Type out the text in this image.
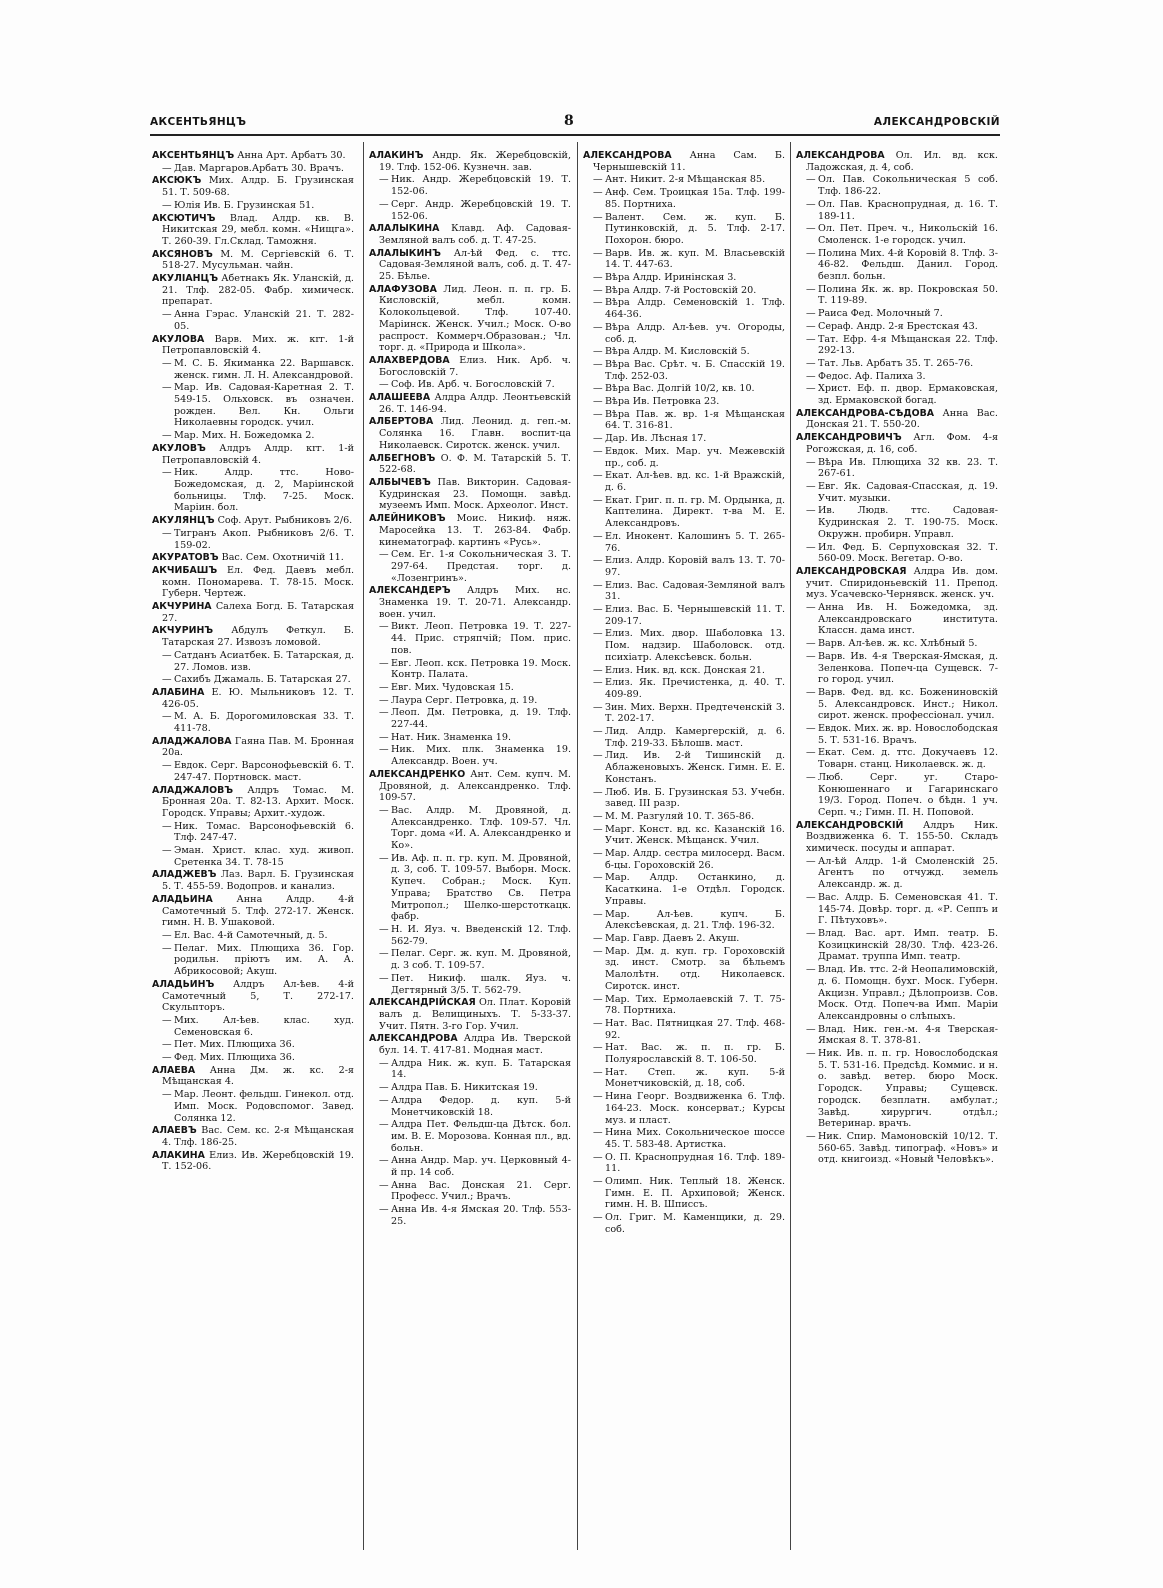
АКСЕНТЬЯНЦЪ	8	АЛЕКСАНДРОВСКІЙ
АКСЕНТЬЯНЦЪ Анна Арт. Арбатъ 30.
— Дав. Маргаров.Арбатъ 30. Врачъ.
АКСЮКЪ Мих. Алдр. Б. Грузинская 51. Т. 509-68.
— Юлія Ив. Б. Грузинская 51.
АКСЮТИЧЪ Влад. Алдр. кв. В. Никитская 29, мебл. комн. «Нищга». Т. 260-39. Гл.Склад. Таможня.
АКСЯНОВЪ М. М. Сергіевскій 6. Т. 518-27. Мусульман. чайн.
АКУЛІАНЦЪ Абетнакъ Як. Уланскій, д. 21. Тлф. 282-05. Фабр. химическ. препарат.
— Анна Гэрас. Уланскій 21. Т. 282-05.
АКУЛОВА Варв. Мих. ж. кrг. 1-й Петропавловскій 4.
— М. С. Б. Якиманка 22. Варшавск. женск. гимн. Л. Н. Александровой.
— Мар. Ив. Садовая-Каретная 2. Т. 549-15. Ольховск. въ означен. рожден. Вел. Кн. Ольги Николаевны городск. учил.
— Мар. Мих. Н. Божедомка 2.
АКУЛОВЪ Алдръ Алдр. кrг. 1-й Петропавловскій 4.
— Ник. Алдр. ттс. Ново-Божедомская, д. 2, Маріинской больницы. Тлф. 7-25. Моск. Маріин. бол.
АКУЛЯНЦЪ Соф. Арут. Рыбниковъ 2/6.
— Тигранъ Акоп. Рыбниковъ 2/6. Т. 159-02.
АКУРАТОВЪ Вас. Сем. Охотничій 11.
АКЧИБАШЪ Ел. Фед. Даевъ мебл. комн. Пономарева. Т. 78-15. Моск. Губерн. Чертеж.
АКЧУРИНА Салеха Богд. Б. Татарская 27.
АКЧУРИНЪ Абдулъ Феткул. Б. Татарская 27. Извозъ ломовой.
— Сатданъ Асиатбек. Б. Татарская, д. 27. Ломов. изв.
— Сахибъ Джамаль. Б. Татарская 27.
АЛАБИНА Е. Ю. Мыльниковъ 12. Т. 426-05.
— М. А. Б. Дорогомиловская 33. Т. 411-78.
АЛАДЖАЛОВА Гаяна Пав. М. Бронная 20а.
— Евдок. Серг. Варсонофьевскій 6. Т. 247-47. Портновск. маст.
АЛАДЖАЛОВЪ Алдръ Томас. М. Бронная 20а. Т. 82-13. Архит. Моск. Городск. Управы; Архит.-худож.
— Ник. Томас. Варсонофьевскій 6. Тлф. 247-47.
— Эман. Христ. клас. худ. живоп. Сретенка 34. Т. 78-15
АЛАДЖЕВЪ Лаз. Варл. Б. Грузинская 5. Т. 455-59. Водопров. и канализ.
АЛАДЬИНА Анна Алдр. 4-й Самотечный 5. Тлф. 272-17. Женск. гимн. Н. В. Ушаковой.
— Ел. Вас. 4-й Самотечный, д. 5.
— Пелаг. Мих. Плющиха 36. Гор. родильн. пріютъ им. А. А. Абрикосовой; Акуш.
АЛАДЬИНЪ Алдръ Ал-ѣев. 4-й Самотечный 5, Т. 272-17. Скульпторъ.
— Мих. Ал-ѣев. клас. худ. Семеновская 6.
— Пет. Мих. Плющиха 36.
— Фед. Мих. Плющиха 36.
АЛАЕВА Анна Дм. ж. кс. 2-я Мѣщанская 4.
— Мар. Леонт. фельдш. Гинекол. отд. Имп. Моск. Родовспомог. Завед. Солянка 12.
АЛАЕВЪ Вас. Сем. кс. 2-я Мѣщанская 4. Тлф. 186-25.
АЛАКИНА Елиз. Ив. Жеребцовскій 19. Т. 152-06.
АЛАКИНЪ Андр. Як. Жеребцовскій, 19. Тлф. 152-06. Кузнечн. зав.
— Ник. Андр. Жеребцовскій 19. Т. 152-06.
— Серг. Андр. Жеребцовскій 19. Т. 152-06.
АЛАЛЫКИНА Клавд. Аф. Садовая-Земляной валъ соб. д. Т. 47-25.
АЛАЛЫКИНЪ Ал-ѣй Фед. с. ттс. Садовая-Земляной валъ, соб. д. Т. 47-25. Бѣлье.
АЛАФУЗОВА Лид. Леон. п. п. гр. Б. Кисловскій, мебл. комн. Колокольцевой. Тлф. 107-40. Маріинск. Женск. Учил.; Моск. О-во распрост. Коммерч.Образован.; Чл. торг. д. «Природа и Школа».
АЛАХВЕРДОВА Елиз. Ник. Арб. ч. Богословскій 7.
— Соф. Ив. Арб. ч. Богословскій 7.
АЛАШЕЕВА Алдра Алдр. Леонтьевскій 26. Т. 146-94.
АЛБЕРТОВА Лид. Леонид. д. геп.-м. Солянка 16. Главн. воспит-ца Николаевск. Сиротск. женск. учил.
АЛБЕГНОВЪ О. Ф. М. Татарскій 5. Т. 522-68.
АЛБЫЧЕВЪ Пав. Викторин. Садовая-Кудринская 23. Помощн. завѣд. музеемъ Имп. Моск. Археолог. Инст.
АЛЕЙНИКОВЪ Моис. Никиф. няж. Маросейка 13. Т. 263-84. Фабр. кинематограф. картинъ «Русь».
— Сем. Ег. 1-я Сокольническая 3. Т. 297-64. Предстая. торг. д. «Лозенгринъ».
АЛЕКСАНДЕРЪ Алдръ Мих. нс. Знаменка 19. Т. 20-71. Александр. воен. учил.
— Викт. Леоп. Петровка 19. Т. 227-44. Прис. стряпчій; Пом. прис. пов.
— Евг. Леоп. кск. Петровка 19. Моск. Контр. Палата.
— Евг. Мих. Чудовская 15.
— Лаура Серг. Петровка, д. 19.
— Леоп. Дм. Петровка, д. 19. Тлф. 227-44.
— Нат. Ник. Знаменка 19.
— Ник. Мих. плк. Знаменка 19. Александр. Воен. уч.
АЛЕКСАНДРЕНКО Ант. Сем. купч. М. Дровяной, д. Александренко. Тлф. 109-57.
— Вас. Алдр. М. Дровяной, д. Александренко. Тлф. 109-57. Чл. Торг. дома «И. А. Александренко и Ко».
— Ив. Аф. п. п. гр. куп. М. Дровяной, д. 3, соб. Т. 109-57. Выборн. Моск. Купеч. Собран.; Моск. Куп. Управа; Братство Св. Петра Митропол.; Шелко-шерстоткацк. фабр.
— Н. И. Яуз. ч. Введенскій 12. Тлф. 562-79.
— Пелаг. Серг. ж. куп. М. Дровяной, д. 3 соб. Т. 109-57.
— Пет. Никиф. шалк. Яуз. ч. Дегтярный 3/5. Т. 562-79.
АЛЕКСАНДРІЙСКАЯ Ол. Плат. Коровій валъ д. Велищиныхъ. Т. 5-33-37. Учит. Пятн. 3-го Гор. Учил.
АЛЕКСАНДРОВА Алдра Ив. Тверской бул. 14. Т. 417-81. Модная маст.
— Алдра Ник. ж. куп. Б. Татарская 14.
— Алдра Пав. Б. Никитская 19.
— Алдра Федор. д. куп. 5-й Монетчиковскій 18.
— Алдра Пет. Фельдш-ца Дѣтск. бол. им. В. Е. Морозова. Конная пл., вд. больн.
— Анна Андр. Мар. уч. Церковный 4-й пр. 14 соб.
— Анна Вас. Донская 21. Серг. Професс. Учил.; Врачъ.
— Анна Ив. 4-я Ямская 20. Тлф. 553-25.
АЛЕКСАНДРОВА Анна Сам. Б. Чернышевскій 11.
— Ант. Никит. 2-я Мѣщанская 85.
— Анф. Сем. Троицкая 15а. Тлф. 199-85. Портниха.
— Валент. Сем. ж. куп. Б. Путинковскій, д. 5. Тлф. 2-17. Похорон. бюро.
— Варв. Ив. ж. куп. М. Власьевскій 14. Т. 447-63.
— Вѣра Алдр. Иринінская 3.
— Вѣра Алдр. 7-й Ростовскій 20.
— Вѣра Алдр. Семеновскій 1. Тлф. 464-36.
— Вѣра Алдр. Ал-ѣев. уч. Огороды, соб. д.
— Вѣра Алдр. М. Кисловскій 5.
— Вѣра Вас. Срѣт. ч. Б. Спасскій 19. Тлф. 252-03.
— Вѣра Вас. Долгій 10/2, кв. 10.
— Вѣра Ив. Петровка 23.
— Вѣра Пав. ж. вр. 1-я Мѣщанская 64. Т. 316-81.
— Дар. Ив. Лѣсная 17.
— Евдок. Мих. Мар. уч. Межевскій пр., соб. д.
— Екат. Ал-ѣев. вд. кс. 1-й Вражскій, д. 6.
— Екат. Григ. п. п. гр. М. Ордынка, д. Каптелина. Директ. т-ва М. Е. Александровъ.
— Ел. Инокент. Калошинъ 5. Т. 265-76.
— Елиз. Алдр. Коровій валъ 13. Т. 70-97.
— Елиз. Вас. Садовая-Земляной валъ 31.
— Елиз. Вас. Б. Чернышевскій 11. Т. 209-17.
— Елиз. Мих. двор. Шаболовка 13. Пом. надзир. Шаболовск. отд. психіатр. Алексѣевск. больн.
— Елиз. Ник. вд. кск. Донская 21.
— Елиз. Як. Пречистенка, д. 40. Т. 409-89.
— Зин. Мих. Верхн. Предтеченскій 3. Т. 202-17.
— Лид. Алдр. Камергерскій, д. 6. Тлф. 219-33. Бѣлошв. маст.
— Лид. Ив. 2-й Тишинскій д. Аблаженовыхъ. Женск. Гимн. Е. Е. Констанъ.
— Люб. Ив. Б. Грузинская 53. Учебн. завед. III разр.
— М. М. Разгуляй 10. Т. 365-86.
— Марг. Конст. вд. кс. Казанскій 16. Учит. Женск. Мѣщанск. Учил.
— Мар. Алдр. сестра милосерд. Васм. б-цы. Гороховскій 26.
— Мар. Алдр. Останкино, д. Касаткина. 1-е Отдѣл. Городск. Управы.
— Мар. Ал-ѣев. купч. Б. Алексѣевская, д. 21. Тлф. 196-32.
— Мар. Гавр. Даевъ 2. Акуш.
— Мар. Дм. д. куп. гр. Гороховскій зд. инст. Смотр. за бѣльемъ Малолѣтн. отд. Николаевск. Сиротск. инст.
— Мар. Тих. Ермолаевскій 7. Т. 75-78. Портниха.
— Нат. Вас. Пятницкая 27. Тлф. 468-92.
— Нат. Вас. ж. п. п. гр. Б. Полуярославскій 8. Т. 106-50.
— Нат. Степ. ж. куп. 5-й Монетчиковскій, д. 18, соб.
— Нина Георг. Воздвиженка 6. Тлф. 164-23. Моск. консерват.; Курсы муз. и пласт.
— Нина Мих. Сокольническое шоссе 45. Т. 583-48. Артистка.
— О. П. Краснопрудная 16. Тлф. 189-11.
— Олимп. Ник. Теплый 18. Женск. Гимн. Е. П. Архиповой; Женск. гимн. Н. В. Шписсъ.
— Ол. Григ. М. Каменщики, д. 29. соб.
АЛЕКСАНДРОВА Ол. Ил. вд. кск. Ладожская, д. 4, соб.
— Ол. Пав. Сокольническая 5 соб. Тлф. 186-22.
— Ол. Пав. Краснопрудная, д. 16. Т. 189-11.
— Ол. Пет. Преч. ч., Никольскій 16. Смоленск. 1-е городск. учил.
— Полина Мих. 4-й Коровій 8. Тлф. 3-46-82. Фельдш. Данил. Город. безпл. больн.
— Полина Як. ж. вр. Покровская 50. Т. 119-89.
— Раиса Фед. Молочный 7.
— Сераф. Андр. 2-я Брестская 43.
— Тат. Ефр. 4-я Мѣщанская 22. Тлф. 292-13.
— Тат. Льв. Арбатъ 35. Т. 265-76.
— Федос. Аф. Палиха 3.
— Христ. Еф. п. двор. Ермаковская, зд. Ермаковской богад.
АЛЕКСАНДРОВА-СѢДОВА Анна Вас. Донская 21. Т. 550-20.
АЛЕКСАНДРОВИЧЪ Агл. Фом. 4-я Рогожская, д. 16, соб.
— Вѣра Ив. Плющиха 32 кв. 23. Т. 267-61.
— Евг. Як. Садовая-Спасская, д. 19. Учит. музыки.
— Ив. Людв. ттс. Садовая-Кудринская 2. Т. 190-75. Моск. Окружн. пробирн. Управл.
— Ил. Фед. Б. Серпуховская 32. Т. 560-09. Моск. Вегетар. О-во.
АЛЕКСАНДРОВСКАЯ Алдра Ив. дом. учит. Спиридоньевскій 11. Препод. муз. Усачевско-Чернявск. женск. уч.
— Анна Ив. Н. Божедомка, зд. Александровскаго института. Классн. дама инст.
— Варв. Ал-ѣев. ж. кс. Хлѣбный 5.
— Варв. Ив. 4-я Тверская-Ямская, д. Зеленкова. Попеч-ца Сущевск. 7-го город. учил.
— Варв. Фед. вд. кс. Божениновскій 5. Александровск. Инст.; Никол. сирот. женск. профессіонал. учил.
— Евдок. Мих. ж. вр. Новослободская 5. Т. 531-16. Врачъ.
— Екат. Сем. д. ттс. Докучаевъ 12. Товарн. станц. Николаевск. ж. д.
— Люб. Серг. уг. Старо-Конюшеннаго и Гагаринскаго 19/3. Город. Попеч. о бѣдн. 1 уч. Серп. ч.; Гимн. П. Н. Поповой.
АЛЕКСАНДРОВСКІЙ Алдръ Ник. Воздвиженка 6. Т. 155-50. Складъ химическ. посуды и аппарат.
— Ал-ѣй Алдр. 1-й Смоленскій 25. Агентъ по отчужд. земель Александр. ж. д.
— Вас. Алдр. Б. Семеновская 41. Т. 145-74. Довѣр. торг. д. «Р. Сеппъ и Г. Пѣтуховъ».
— Влад. Вас. арт. Имп. театр. Б. Козицкинскій 28/30. Тлф. 423-26. Драмат. труппа Имп. театр.
— Влад. Ив. ттс. 2-й Неопалимовскій, д. 6. Помощн. бухг. Моск. Губерн. Акцизн. Управл.; Дѣлопроизв. Сов. Моск. Отд. Попеч-ва Имп. Маріи Александровны о слѣпыхъ.
— Влад. Ник. ген.-м. 4-я Тверская-Ямская 8. Т. 378-81.
— Ник. Ив. п. п. гр. Новослободская 5. Т. 531-16. Предсѣд. Коммис. и н. о. завѣд. ветер. бюро Моск. Городск. Управы; Сущевск. городск. безплатн. амбулат.; Завѣд. хирургич. отдѣл.; Ветеринар. врачъ.
— Ник. Спир. Мамоновскій 10/12. Т. 560-65. Завѣд. типограф. «Новъ» и отд. книгоизд. «Новый Человѣкъ».
